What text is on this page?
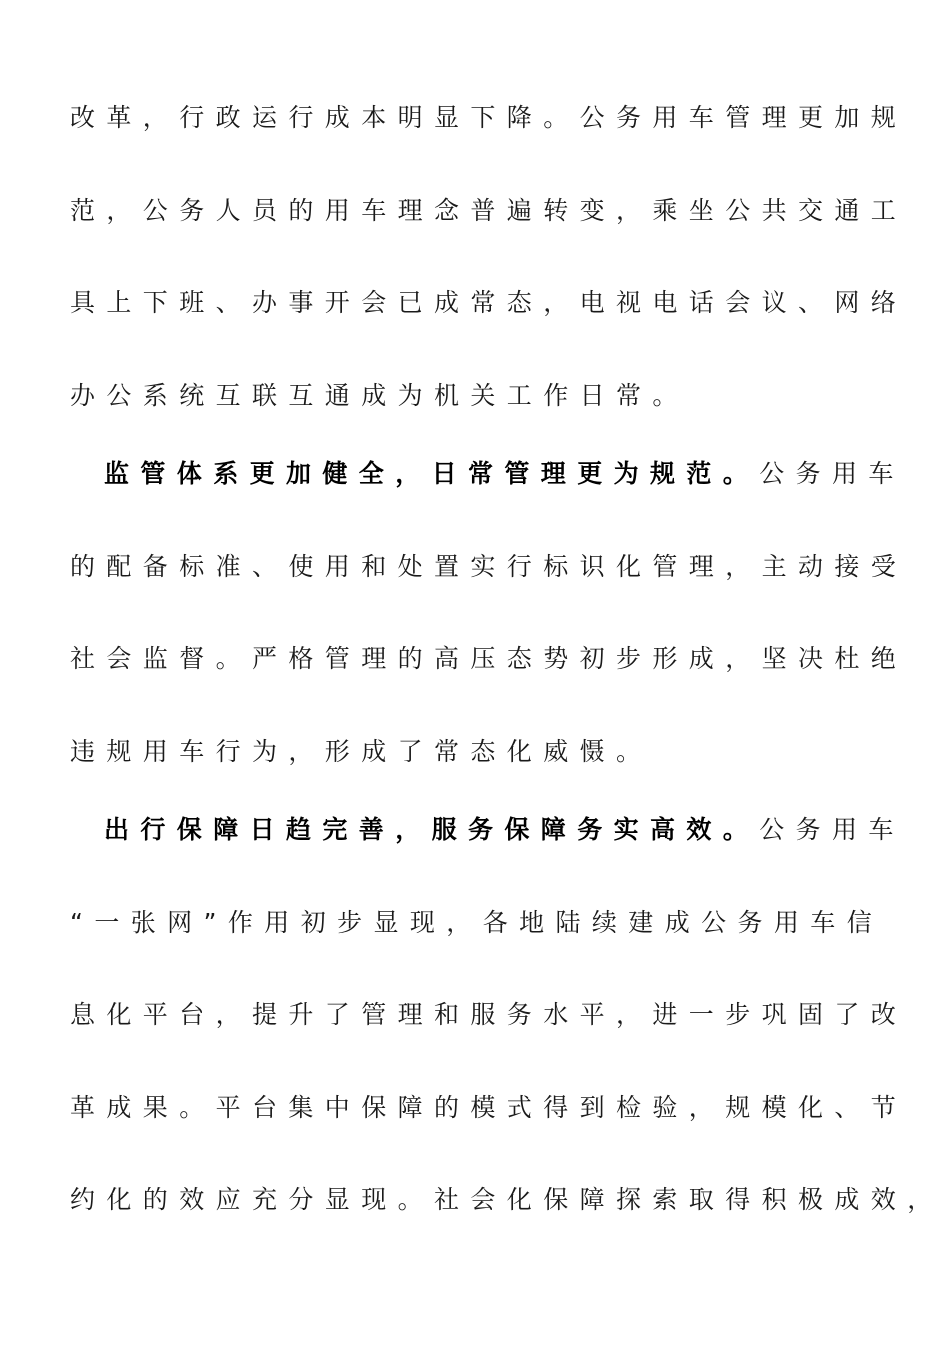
改革，行政运行成本明显下降。公务用车管理更加规
范，公务人员的用车理念普遍转变，乘坐公共交通工
具上下班、办事开会已成常态，电视电话会议、网络
办公系统互联互通成为机关工作日常。
监管体系更加健全，日常管理更为规范。公务用车
的配备标准、使用和处置实行标识化管理，主动接受
社会监督。严格管理的高压态势初步形成，坚决杜绝
违规用车行为，形成了常态化威慑。
出行保障日趋完善，服务保障务实高效。公务用车
“一张网”作用初步显现，各地陆续建成公务用车信
息化平台，提升了管理和服务水平，进一步巩固了改
革成果。平台集中保障的模式得到检验，规模化、节
约化的效应充分显现。社会化保障探索取得积极成效，
